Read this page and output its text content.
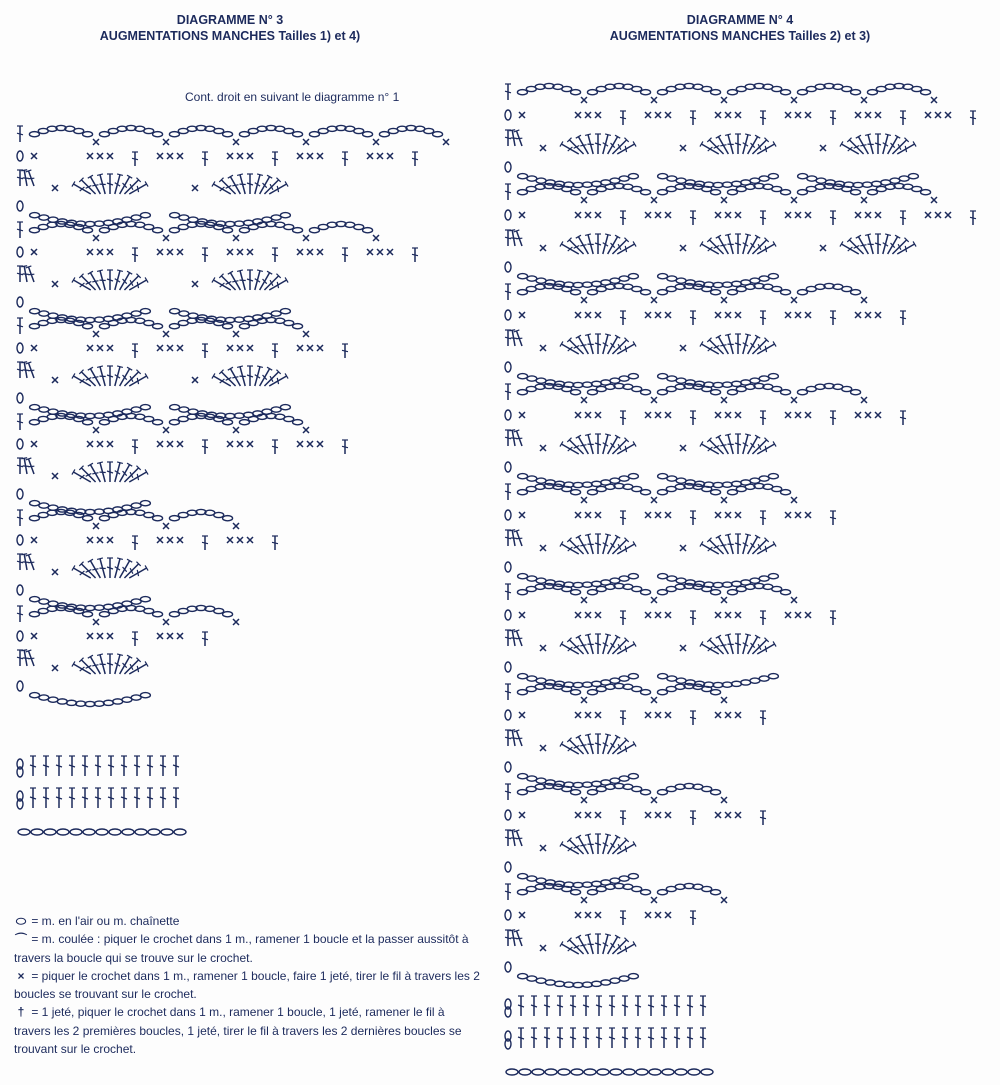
DIAGRAMME N° 3
AUGMENTATIONS MANCHES Tailles 1) et 4)
DIAGRAMME N° 4
AUGMENTATIONS MANCHES Tailles 2) et 3)
Cont. droit en suivant le diagramme n° 1

⬭ = m. en l'air ou m. chaînette

⌒ = m. coulée : piquer le crochet dans 1 m., ramener 1 boucle et la passer aussitôt à travers la boucle qui se trouve sur le crochet.

× = piquer le crochet dans 1 m., ramener 1 boucle, faire 1 jeté, tirer le fil à travers les 2 boucles se trouvant sur le crochet.

† = 1 jeté, piquer le crochet dans 1 m., ramener 1 boucle, 1 jeté, ramener le fil à travers les 2 premières boucles, 1 jeté, tirer le fil à travers les 2 dernières boucles se trouvant sur le crochet.
